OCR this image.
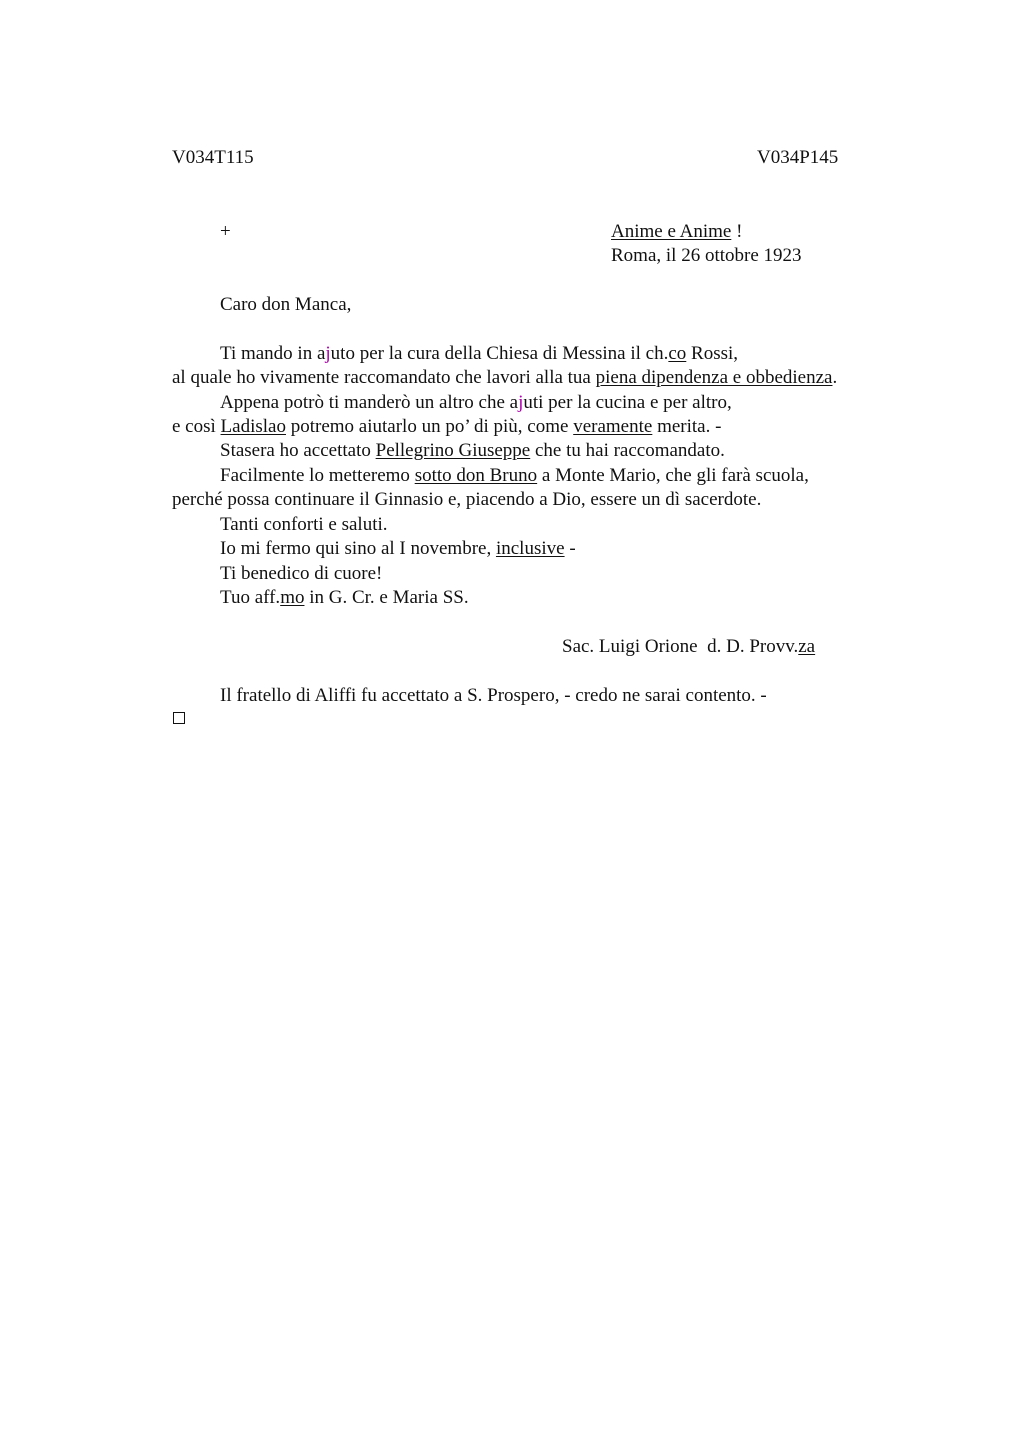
V034T115	V034P145
+	Anime e Anime !
Roma, il 26 ottobre 1923
Caro don Manca,
Ti mando in ajuto per la cura della Chiesa di Messina il ch.co Rossi,
al quale ho vivamente raccomandato che lavori alla tua piena dipendenza e obbedienza.
Appena potrò ti manderò un altro che ajuti per la cucina e per altro,
e così Ladislao potremo aiutarlo un po’ di più, come veramente merita. -
Stasera ho accettato Pellegrino Giuseppe che tu hai raccomandato.
Facilmente lo metteremo sotto don Bruno a Monte Mario, che gli farà scuola,
perché possa continuare il Ginnasio e, piacendo a Dio, essere un dì sacerdote.
Tanti conforti e saluti.
Io mi fermo qui sino al I novembre, inclusive -
Ti benedico di cuore!
Tuo aff.mo in G. Cr. e Maria SS.
Sac. Luigi Orione  d. D. Provv.za
Il fratello di Aliffi fu accettato a S. Prospero, - credo ne sarai contento. -
